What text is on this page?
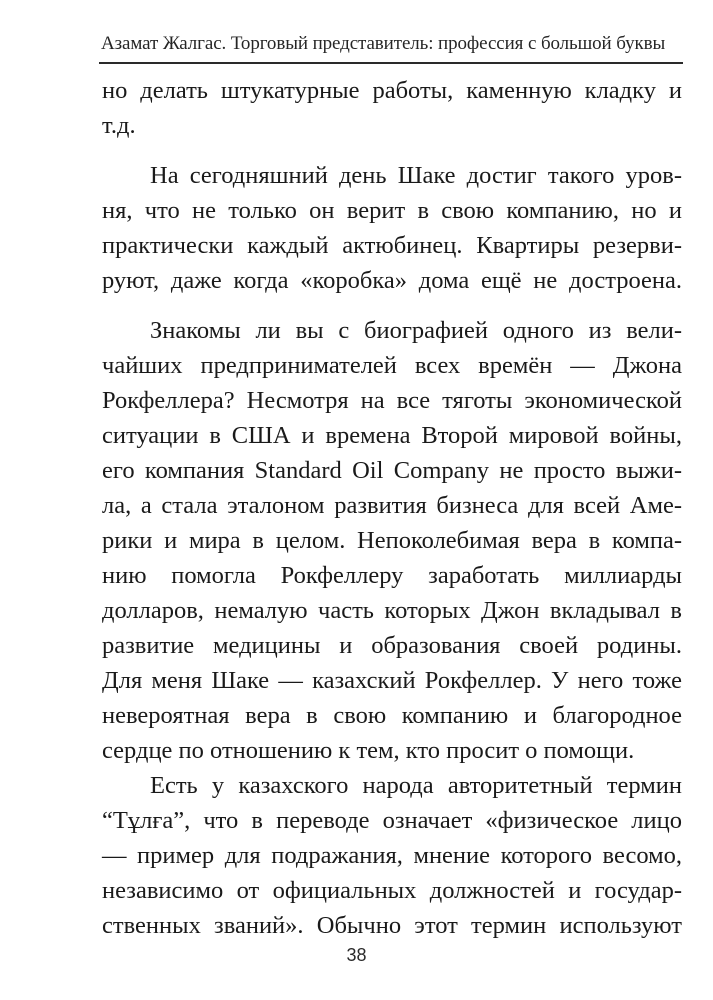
Азамат Жалгас. Торговый представитель: профессия с большой буквы
но делать штукатурные работы, каменную кладку и
т.д.
На сегодняшний день Шаке достиг такого уров-
ня, что не только он верит в свою компанию, но и
практически каждый актюбинец. Квартиры резерви-
руют, даже когда «коробка» дома ещё не достроена.
Знакомы ли вы с биографией одного из вели-
чайших предпринимателей всех времён — Джона
Рокфеллера? Несмотря на все тяготы экономической
ситуации в США и времена Второй мировой войны,
его компания Standard Oil Company не просто выжи-
ла, а стала эталоном развития бизнеса для всей Аме-
рики и мира в целом. Непоколебимая вера в компа-
нию помогла Рокфеллеру заработать миллиарды
долларов, немалую часть которых Джон вкладывал в
развитие медицины и образования своей родины.
Для меня Шаке — казахский Рокфеллер. У него тоже
невероятная вера в свою компанию и благородное
сердце по отношению к тем, кто просит о помощи.
Есть у казахского народа авторитетный термин
“Тұлға”, что в переводе означает «физическое лицо
— пример для подражания, мнение которого весомо,
независимо от официальных должностей и государ-
ственных званий». Обычно этот термин используют
38
